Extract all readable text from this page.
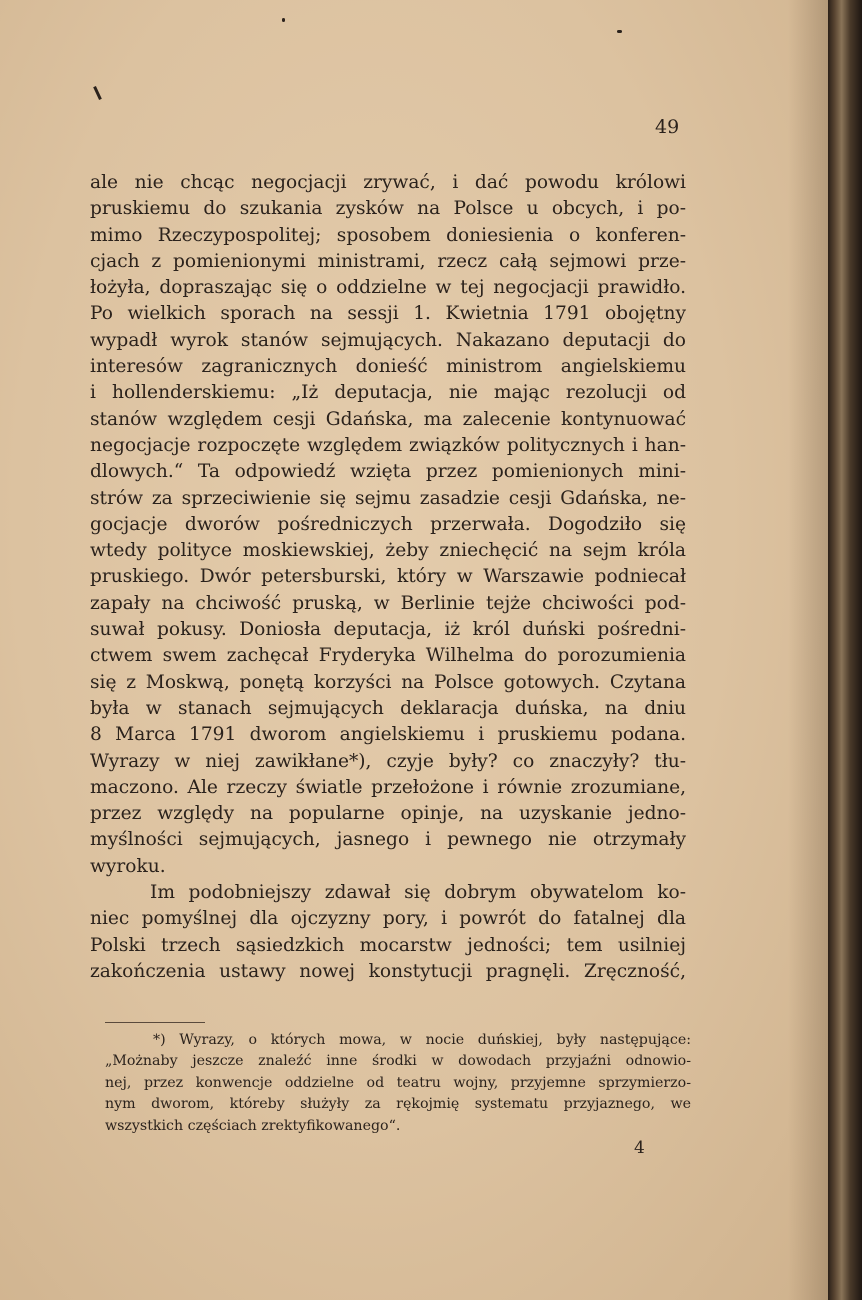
49

ale nie chcąc negocjacji zrywać, i dać powodu królowi
pruskiemu do szukania zysków na Polsce u obcych, i po-
mimo Rzeczypospolitej; sposobem doniesienia o konferen-
cjach z pomienionymi ministrami, rzecz całą sejmowi prze-
łożyła, dopraszając się o oddzielne w tej negocjacji prawidło.
Po wielkich sporach na sessji 1. Kwietnia 1791 obojętny
wypadł wyrok stanów sejmujących. Nakazano deputacji do
interesów zagranicznych donieść ministrom angielskiemu
i hollenderskiemu: „Iż deputacja, nie mając rezolucji od
stanów względem cesji Gdańska, ma zalecenie kontynuować
negocjacje rozpoczęte względem związków politycznych i han-
dlowych.“ Ta odpowiedź wzięta przez pomienionych mini-
strów za sprzeciwienie się sejmu zasadzie cesji Gdańska, ne-
gocjacje dworów pośredniczych przerwała. Dogodziło się
wtedy polityce moskiewskiej, żeby zniechęcić na sejm króla
pruskiego. Dwór petersburski, który w Warszawie podniecał
zapały na chciwość pruską, w Berlinie tejże chciwości pod-
suwał pokusy. Doniosła deputacja, iż król duński pośredni-
ctwem swem zachęcał Fryderyka Wilhelma do porozumienia
się z Moskwą, ponętą korzyści na Polsce gotowych. Czytana
była w stanach sejmujących deklaracja duńska, na dniu
8 Marca 1791 dworom angielskiemu i pruskiemu podana.
Wyrazy w niej zawikłane*), czyje były? co znaczyły? tłu-
maczono. Ale rzeczy światle przełożone i równie zrozumiane,
przez względy na popularne opinje, na uzyskanie jedno-
myślności sejmujących, jasnego i pewnego nie otrzymały
wyroku.
Im podobniejszy zdawał się dobrym obywatelom ko-
niec pomyślnej dla ojczyzny pory, i powrót do fatalnej dla
Polski trzech sąsiedzkich mocarstw jedności; tem usilniej
zakończenia ustawy nowej konstytucji pragnęli. Zręczność,
*) Wyrazy, o których mowa, w nocie duńskiej, były następujące:
„Możnaby jeszcze znaleźć inne środki w dowodach przyjaźni odnowio-
nej, przez konwencje oddzielne od teatru wojny, przyjemne sprzymierzo-
nym dworom, któreby służyły za rękojmię systematu przyjaznego, we
wszystkich częściach zrektyfikowanego“.

4
